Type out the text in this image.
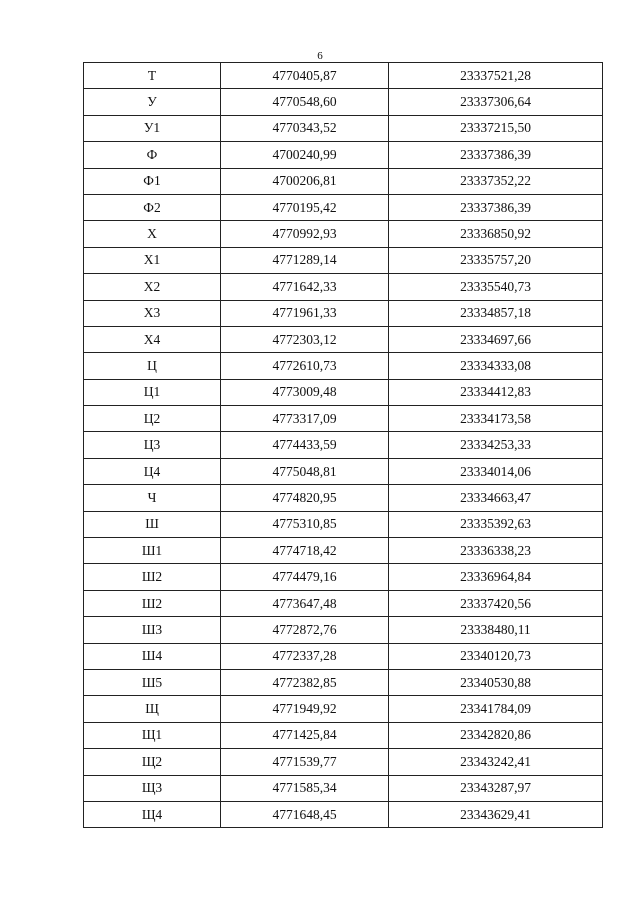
6
Т	4770405,87	23337521,28
У	4770548,60	23337306,64
У1	4770343,52	23337215,50
Ф	4700240,99	23337386,39
Ф1	4700206,81	23337352,22
Ф2	4770195,42	23337386,39
Х	4770992,93	23336850,92
Х1	4771289,14	23335757,20
Х2	4771642,33	23335540,73
Х3	4771961,33	23334857,18
Х4	4772303,12	23334697,66
Ц	4772610,73	23334333,08
Ц1	4773009,48	23334412,83
Ц2	4773317,09	23334173,58
Ц3	4774433,59	23334253,33
Ц4	4775048,81	23334014,06
Ч	4774820,95	23334663,47
Ш	4775310,85	23335392,63
Ш1	4774718,42	23336338,23
Ш2	4774479,16	23336964,84
Ш2	4773647,48	23337420,56
Ш3	4772872,76	23338480,11
Ш4	4772337,28	23340120,73
Ш5	4772382,85	23340530,88
Щ	4771949,92	23341784,09
Щ1	4771425,84	23342820,86
Щ2	4771539,77	23343242,41
Щ3	4771585,34	23343287,97
Щ4	4771648,45	23343629,41
